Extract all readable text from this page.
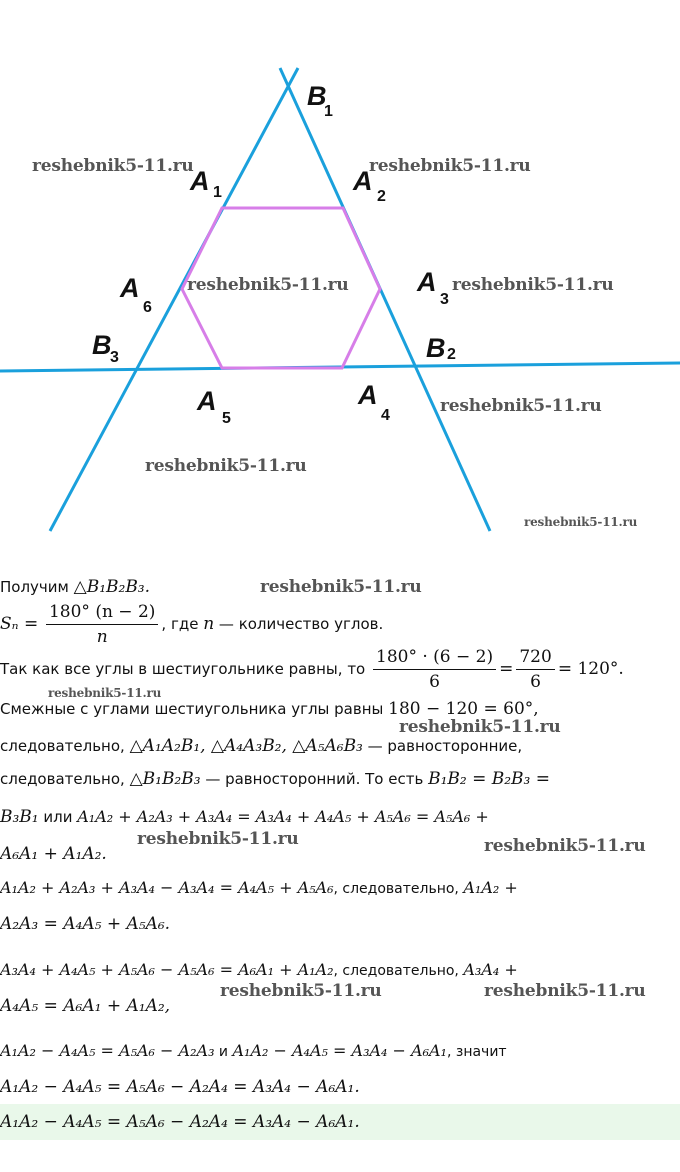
B
1
A 1	A
2
A
6
A
3
B
3	B 2
A
5
A
4
reshebnik5-11.ru	reshebnik5-11.ru
reshebnik5-11.ru	reshebnik5-11.ru
reshebnik5-11.ru
reshebnik5-11.ru
reshebnik5-11.ru
reshebnik5-11.ru
reshebnik5-11.ru
reshebnik5-11.ru
reshebnik5-11.ru	reshebnik5-11.ru
reshebnik5-11.ru	reshebnik5-11.ru
Получим △B₁B₂B₃.
$S_n = \frac{180^\circ (n - 2)}{n}$ , где n — количество углов.
Так как все углы в шестиугольнике равны, то $\frac{180^\circ \cdot (6 - 2)}{6} = \frac{720}{6} = 120^\circ$.
Смежные с углами шестиугольника углы равны 180 − 120 = 60°,
следовательно, △A₁A₂B₁, △A₄A₃B₂, △A₅A₆B₃ — равносторонние,
следовательно, △B₁B₂B₃ — равносторонний. То есть B₁B₂ = B₂B₃ =
B₃B₁ или A₁A₂ + A₂A₃ + A₃A₄ = A₃A₄ + A₄A₅ + A₅A₆ = A₅A₆ +
A₆A₁ + A₁A₂.
A₁A₂ + A₂A₃ + A₃A₄ − A₃A₄ = A₄A₅ + A₅A₆, следовательно, A₁A₂ +
A₂A₃ = A₄A₅ + A₅A₆.
A₃A₄ + A₄A₅ + A₅A₆ − A₅A₆ = A₆A₁ + A₁A₂, следовательно, A₃A₄ +
A₄A₅ = A₆A₁ + A₁A₂,
A₁A₂ − A₄A₅ = A₅A₆ − A₂A₃ и A₁A₂ − A₄A₅ = A₃A₄ − A₆A₁, значит
A₁A₂ − A₄A₅ = A₅A₆ − A₂A₄ = A₃A₄ − A₆A₁.
A₁A₂ − A₄A₅ = A₅A₆ − A₂A₄ = A₃A₄ − A₆A₁.
